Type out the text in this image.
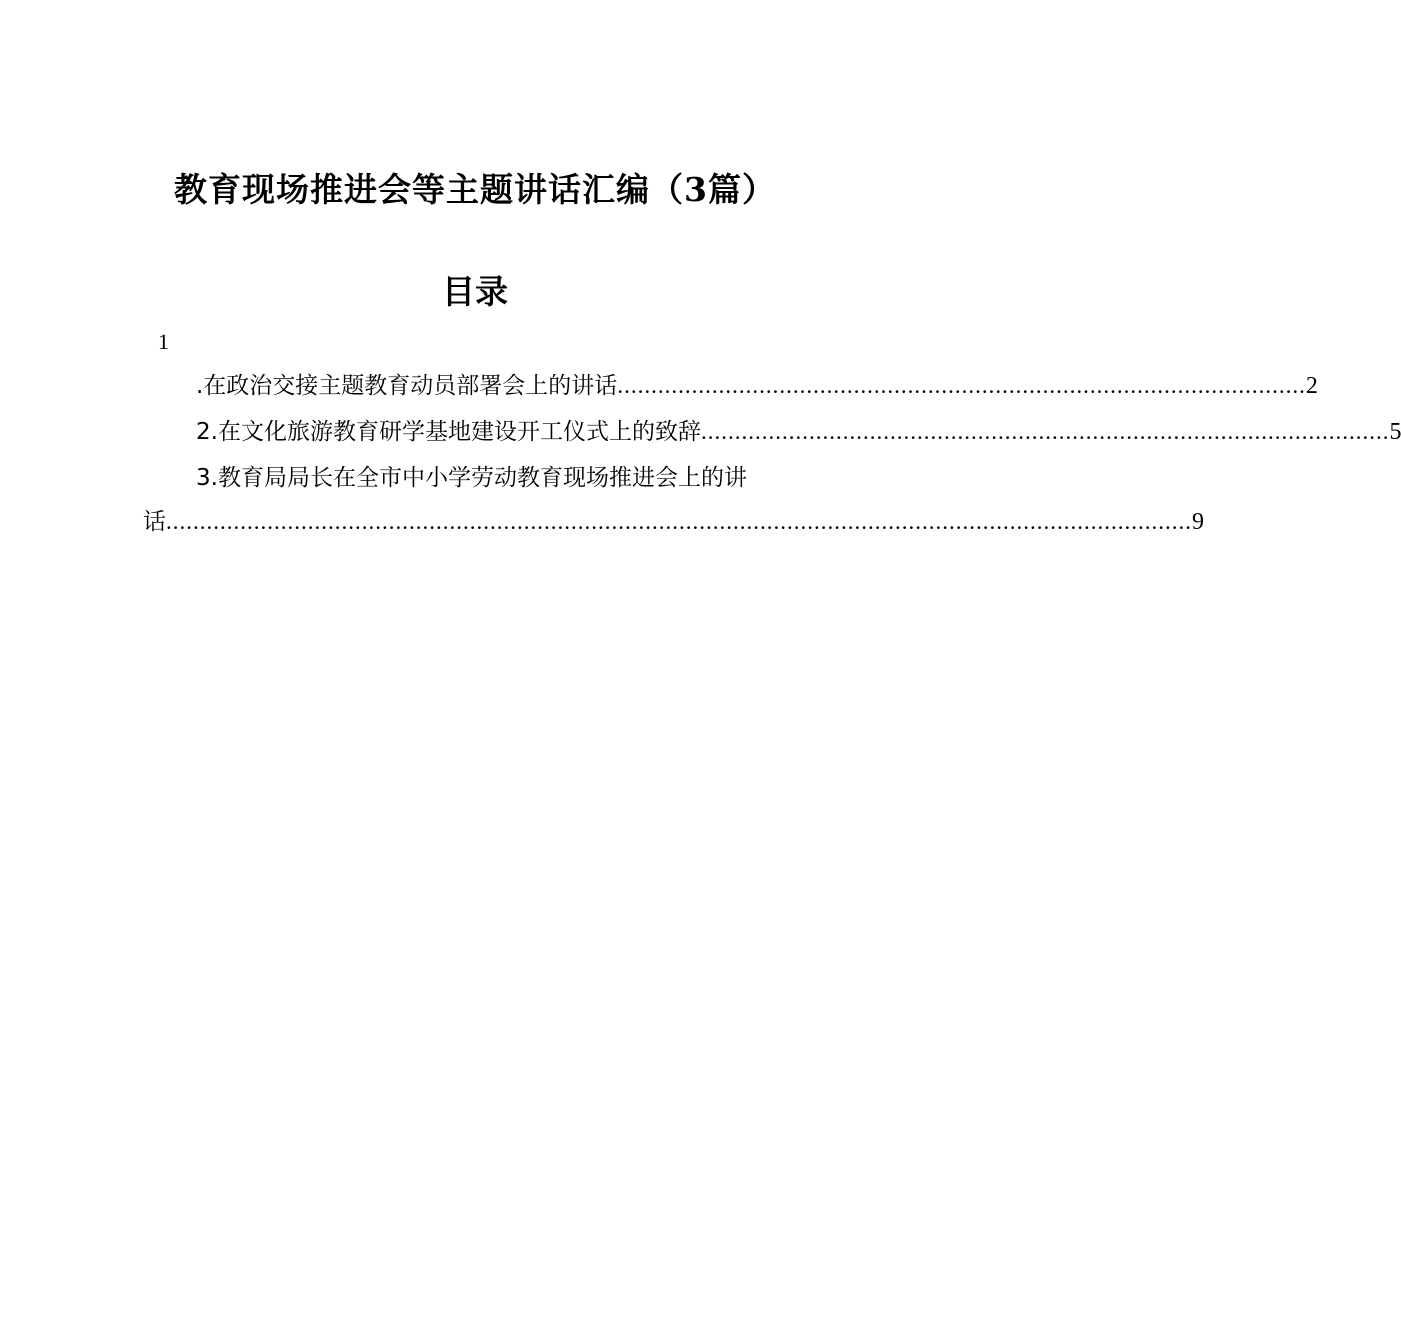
教育现场推进会等主题讲话汇编（3篇）
目录
1
.在政治交接主题教育动员部署会上的讲话 ...................................................................................................... 2
2.在文化旅游教育研学基地建设开工仪式上的致辞 ...................................................................................................... 5
3.教育局局长在全市中小学劳动教育现场推进会上的讲
话 ........................................................................................................................................................ 9
